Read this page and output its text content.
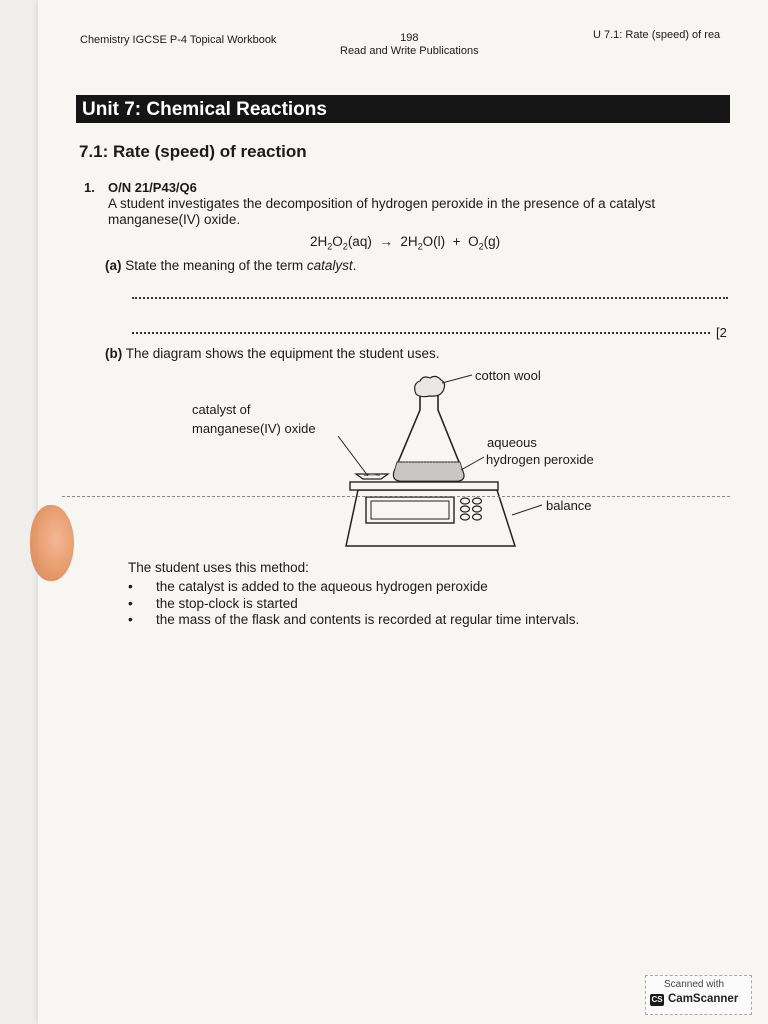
Chemistry IGCSE P-4 Topical Workbook	198
Read and Write Publications
U 7.1: Rate (speed) of rea
Unit 7: Chemical Reactions
7.1: Rate (speed) of reaction
1. O/N 21/P43/Q6
A student investigates the decomposition of hydrogen peroxide in the presence of a catalyst
manganese(IV) oxide.
$2H_2O_2(aq) \to 2H_2O(l) + O_2(g)$
(a) State the meaning of the term catalyst.
[2
(b) The diagram shows the equipment the student uses.
cotton wool
catalyst of
manganese(IV) oxide
aqueous
hydrogen peroxide
balance
The student uses this method:
• the catalyst is added to the aqueous hydrogen peroxide
• the stop-clock is started
• the mass of the flask and contents is recorded at regular time intervals.
Scanned with
CS CamScanner
